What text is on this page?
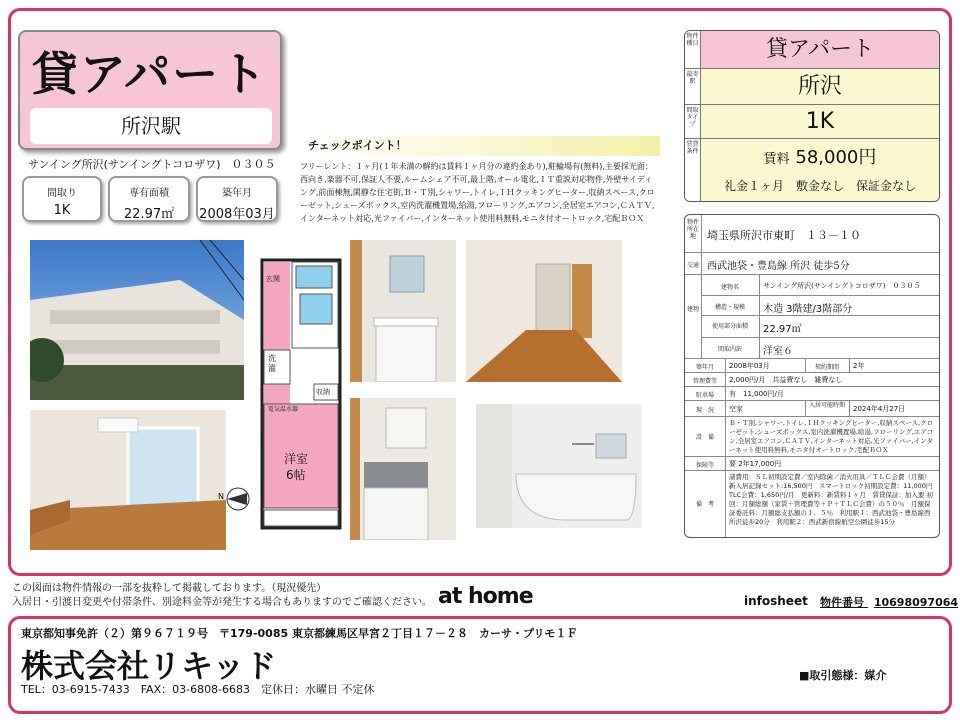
貸アパート
所沢駅
サンイング所沢(サンイングトコロザワ)　０３０５
間取り
1K
専有面積
22.97㎡
築年月
2008年03月
チェックポイント！
フリーレント：１ヶ月(１年未満の解約は賃料１ヶ月分の違約金あり),駐輪場有(無料),主要採光面：西向き,楽器不可,保証人不要,ルームシェア不可,最上階,オール電化,ＩＴ重説対応物件,外壁サイディング,前面棟無,閑静な住宅街,Ｂ・Ｔ別,シャワー,トイレ,ＩＨクッキングヒーター,収納スペース,クローゼット,シューズボックス,室内洗濯機置場,給湯,フローリング,エアコン,全居室エアコン,ＣＡＴＶ,インターネット対応,光ファイバー,インターネット使用料無料,モニタ付オートロック,宅配ＢＯＸ
玄関
洗
濯
収納
電気温水器
洋室
6帖
N
物件種目	貸アパート
最寄駅	所沢
間取タイプ	1K
賃貸条件
賃料 58,000円
礼金１ヶ月　敷金なし　保証金なし
物件所在地	埼玉県所沢市東町　１３－１０
交通 西武池袋・豊島線 所沢 徒歩5分
建物
建物名	サンイング所沢(サンイングトコロザワ)　０３０５
構造・規模	木造 3階建/3階部分
使用部分面積	22.97㎡
間取内訳	洋室６
築年月	2008年03月	契約期間	2年
管理費等	2,000円/月　共益費なし　雑費なし
駐車場	有　11,000円/月
現　況	空家	入居可能時期 2024年4月27日
設　備
Ｂ・Ｔ別,シャワー,トイレ,ＩＨクッキングヒーター,収納スペース,クローゼット,シューズボックス,室内洗濯機置場,給湯,フローリング,エアコン,全居室エアコン,ＣＡＴＶ,インターネット対応,光ファイバー,インターネット使用料無料,モニタ付オートロック,宅配ＢＯＸ
保険等	要 2年17,000円
備　考
諸費用：ＳＬ初期設定費／室内除菌／消火用具／ＴＬＣ会費（月額）　新入居記録セット:16,500円　スマートロック初期設定費：11,000円　TLC会費：1,650円/月　更新料：新賃料１ヶ月　賃貸保証：加入要 初回：月額総額（家賃＋管理費等＋Ｐ＋ＴＬＣ会費）の５０％　月額保証委託料：月額総支払額の１．５％　利用駅１：西武池袋・豊島線西所沢徒歩20分　利用駅２：西武新宿線航空公園徒歩15分
この図面は物件情報の一部を抜粋して掲載しております。（現況優先）
入居日・引渡日変更や付帯条件、別途料金等が発生する場合もありますのでご確認ください。 at home	infosheet 物件番号 10698097064
東京都知事免許（２）第９６７１９号　〒179-0085 東京都練馬区早宮２丁目１７－２８　カーサ・プリモ１Ｆ
株式会社リキッド
TEL：03-6915-7433　FAX：03-6808-6683　定休日：水曜日 不定休
■取引態様：媒介
